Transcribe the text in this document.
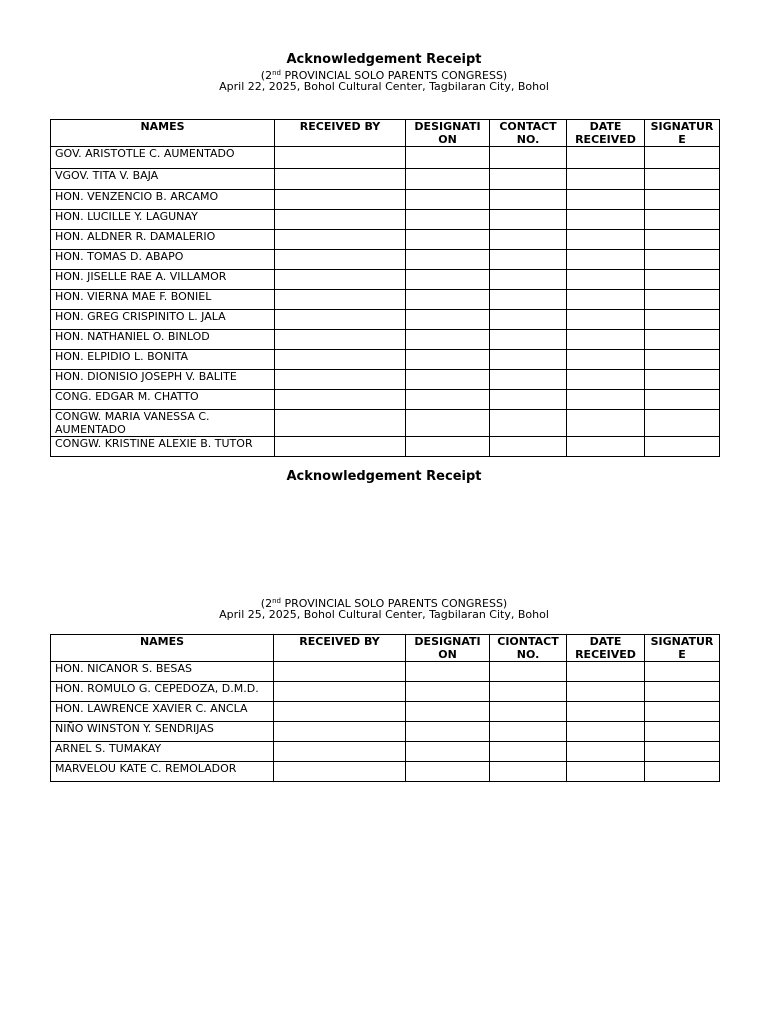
Acknowledgement Receipt
(2nd PROVINCIAL SOLO PARENTS CONGRESS)
April 22, 2025, Bohol Cultural Center, Tagbilaran City, Bohol
NAMES	RECEIVED BY	DESIGNATI ON	CONTACT NO.	DATE RECEIVED	SIGNATUR E
GOV. ARISTOTLE C. AUMENTADO					
VGOV. TITA V. BAJA					
HON. VENZENCIO B. ARCAMO					
HON. LUCILLE Y. LAGUNAY					
HON. ALDNER R. DAMALERIO					
HON. TOMAS D. ABAPO					
HON. JISELLE RAE A. VILLAMOR					
HON. VIERNA MAE F. BONIEL					
HON. GREG CRISPINITO L. JALA					
HON. NATHANIEL O. BINLOD					
HON. ELPIDIO L. BONITA					
HON. DIONISIO JOSEPH V. BALITE					
CONG. EDGAR M. CHATTO					
CONGW. MARIA VANESSA C. AUMENTADO					
CONGW. KRISTINE ALEXIE B. TUTOR					
Acknowledgement Receipt
(2nd PROVINCIAL SOLO PARENTS CONGRESS)
April 25, 2025, Bohol Cultural Center, Tagbilaran City, Bohol
NAMES	RECEIVED BY	DESIGNATI ON	CIONTACT NO.	DATE RECEIVED	SIGNATUR E
HON. NICANOR S. BESAS					
HON. ROMULO G. CEPEDOZA, D.M.D.					
HON. LAWRENCE XAVIER C. ANCLA					
NIÑO WINSTON Y. SENDRIJAS					
ARNEL S. TUMAKAY					
MARVELOU KATE C. REMOLADOR					
